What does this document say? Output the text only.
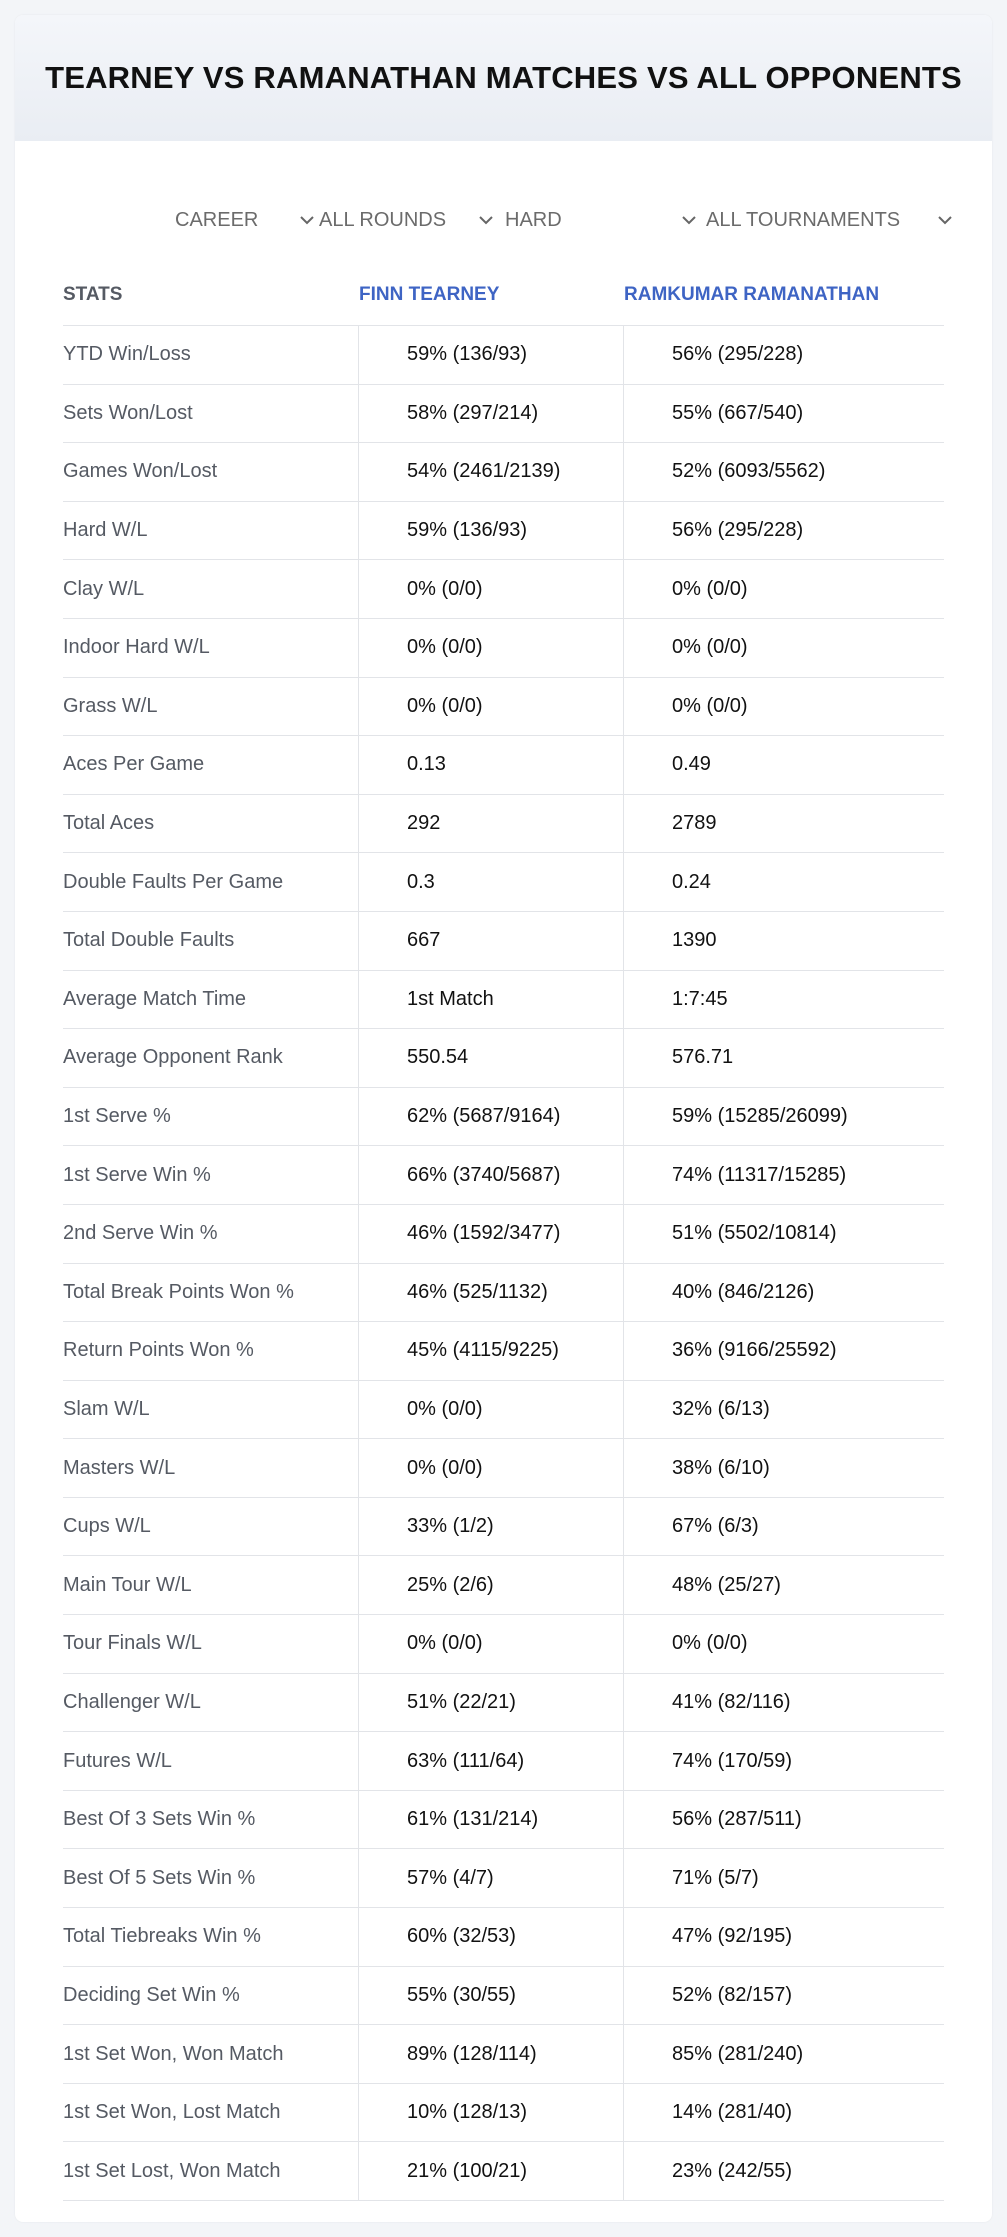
TEARNEY VS RAMANATHAN MATCHES VS ALL OPPONENTS
CAREER	ALL ROUNDS	HARD	ALL TOURNAMENTS
STATS	FINN TEARNEY	RAMKUMAR RAMANATHAN
YTD Win/Loss	59% (136/93)	56% (295/228)
Sets Won/Lost	58% (297/214)	55% (667/540)
Games Won/Lost	54% (2461/2139)	52% (6093/5562)
Hard W/L	59% (136/93)	56% (295/228)
Clay W/L	0% (0/0)	0% (0/0)
Indoor Hard W/L	0% (0/0)	0% (0/0)
Grass W/L	0% (0/0)	0% (0/0)
Aces Per Game	0.13	0.49
Total Aces	292	2789
Double Faults Per Game	0.3	0.24
Total Double Faults	667	1390
Average Match Time	1st Match	1:7:45
Average Opponent Rank	550.54	576.71
1st Serve %	62% (5687/9164)	59% (15285/26099)
1st Serve Win %	66% (3740/5687)	74% (11317/15285)
2nd Serve Win %	46% (1592/3477)	51% (5502/10814)
Total Break Points Won %	46% (525/1132)	40% (846/2126)
Return Points Won %	45% (4115/9225)	36% (9166/25592)
Slam W/L	0% (0/0)	32% (6/13)
Masters W/L	0% (0/0)	38% (6/10)
Cups W/L	33% (1/2)	67% (6/3)
Main Tour W/L	25% (2/6)	48% (25/27)
Tour Finals W/L	0% (0/0)	0% (0/0)
Challenger W/L	51% (22/21)	41% (82/116)
Futures W/L	63% (111/64)	74% (170/59)
Best Of 3 Sets Win %	61% (131/214)	56% (287/511)
Best Of 5 Sets Win %	57% (4/7)	71% (5/7)
Total Tiebreaks Win %	60% (32/53)	47% (92/195)
Deciding Set Win %	55% (30/55)	52% (82/157)
1st Set Won, Won Match	89% (128/114)	85% (281/240)
1st Set Won, Lost Match	10% (128/13)	14% (281/40)
1st Set Lost, Won Match	21% (100/21)	23% (242/55)
